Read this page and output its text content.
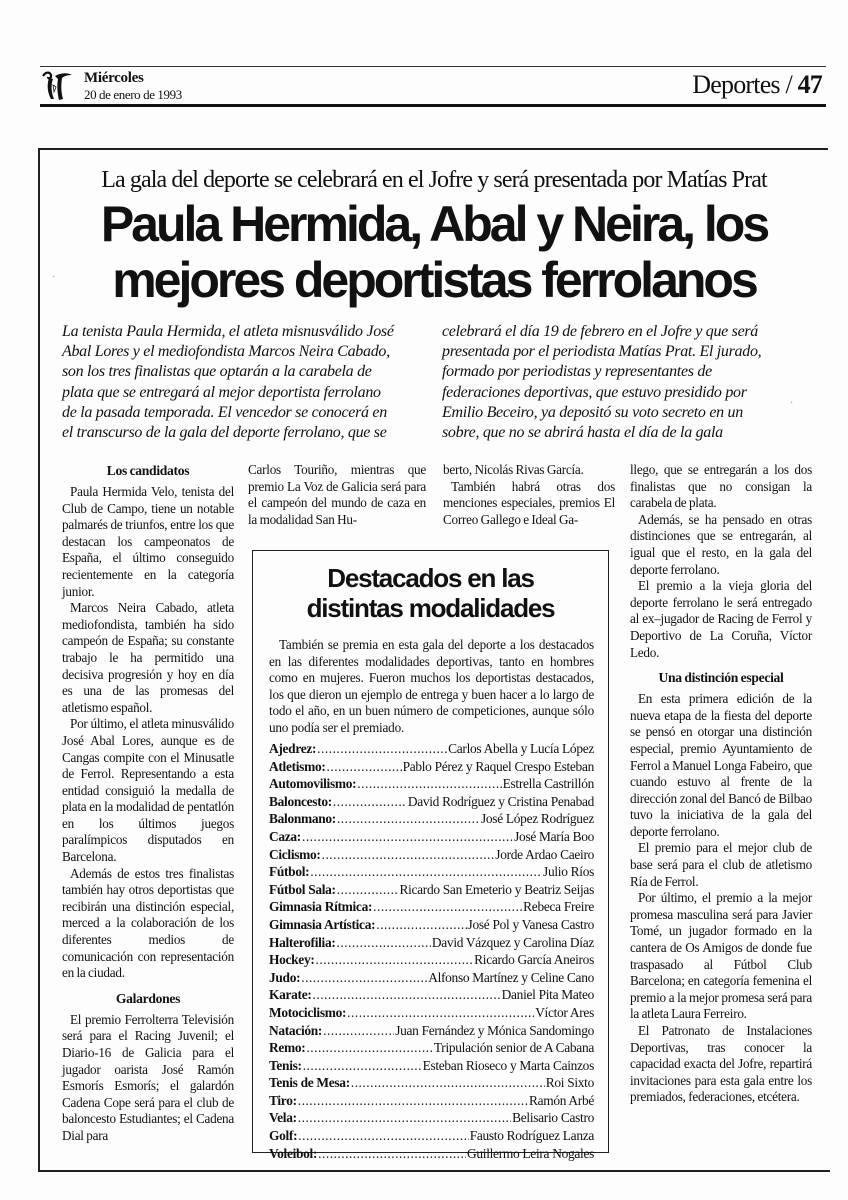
Miércoles
20 de enero de 1993	Deportes / 47
La gala del deporte se celebrará en el Jofre y será presentada por Matías Prat
Paula Hermida, Abal y Neira, los
mejores deportistas ferrolanos
La tenista Paula Hermida, el atleta misnusválido José
Abal Lores y el mediofondista Marcos Neira Cabado,
son los tres finalistas que optarán a la carabela de
plata que se entregará al mejor deportista ferrolano
de la pasada temporada. El vencedor se conocerá en
el transcurso de la gala del deporte ferrolano, que se
celebrará el día 19 de febrero en el Jofre y que será
presentada por el periodista Matías Prat. El jurado,
formado por periodistas y representantes de
federaciones deportivas, que estuvo presidido por
Emilio Beceiro, ya depositó su voto secreto en un
sobre, que no se abrirá hasta el día de la gala
Los candidatos

Paula Hermida Velo, tenista del Club de Campo, tiene un notable palmarés de triunfos, entre los que destacan los campeonatos de España, el último conseguido recientemente en la categoría junior.

Marcos Neira Cabado, atleta mediofondista, también ha sido campeón de España; su constante trabajo le ha permitido una decisiva progresión y hoy en día es una de las promesas del atletismo español.

Por último, el atleta minusválido José Abal Lores, aunque es de Cangas compite con el Minusatle de Ferrol. Representando a esta entidad consiguió la medalla de plata en la modalidad de pentatlón en los últimos juegos paralímpicos disputados en Barcelona.

Además de estos tres finalistas también hay otros deportistas que recibirán una distinción especial, merced a la colaboración de los diferentes medios de comunicación con representación en la ciudad.

Galardones

El premio Ferrolterra Televisión será para el Racing Juvenil; el Diario-16 de Galicia para el jugador oarista José Ramón Esmorís Esmorís; el galardón Cadena Cope será para el club de baloncesto Estudiantes; el Cadena Dial para

Carlos Touriño, mientras que premio La Voz de Galicia será para el campeón del mundo de caza en la modalidad San Hu-

berto, Nicolás Rivas García.

También habrá otras dos menciones especiales, premios El Correo Gallego e Ideal Ga-

llego, que se entregarán a los dos finalistas que no consigan la carabela de plata.

Además, se ha pensado en otras distinciones que se entregarán, al igual que el resto, en la gala del deporte ferrolano.

El premio a la vieja gloria del deporte ferrolano le será entregado al ex–jugador de Racing de Ferrol y Deportivo de La Coruña, Víctor Ledo.

Una distinción especial

En esta primera edición de la nueva etapa de la fiesta del deporte se pensó en otorgar una distinción especial, premio Ayuntamiento de Ferrol a Manuel Longa Fabeiro, que cuando estuvo al frente de la dirección zonal del Bancó de Bilbao tuvo la iniciativa de la gala del deporte ferrolano.

El premio para el mejor club de base será para el club de atletismo Ría de Ferrol.

Por último, el premio a la mejor promesa masculina será para Javier Tomé, un jugador formado en la cantera de Os Amigos de donde fue traspasado al Fútbol Club Barcelona; en categoría femenina el premio a la mejor promesa será para la atleta Laura Ferreiro.

El Patronato de Instalaciones Deportivas, tras conocer la capacidad exacta del Jofre, repartirá invitaciones para esta gala entre los premiados, federaciones, etcétera.

Destacados en las
distintas modalidades

También se premia en esta gala del deporte a los destacados en las diferentes modalidades deportivas, tanto en hombres como en mujeres. Fueron muchos los deportistas destacados, los que dieron un ejemplo de entrega y buen hacer a lo largo de todo el año, en un buen número de competiciones, aunque sólo uno podía ser el premiado.

Ajedrez: .....	Carlos Abella y Lucía López
Atletismo: .....	Pablo Pérez y Raquel Crespo Esteban
Automovilismo: .....	Estrella Castrillón
Baloncesto: .....	David Rodríguez y Cristina Penabad
Balonmano: .....	José López Rodríguez
Caza: .....	José María Boo
Ciclismo: .....	Jorde Ardao Caeiro
Fútbol: .....	Julio Ríos
Fútbol Sala: .....	Ricardo San Emeterio y Beatriz Seijas
Gimnasia Rítmica: .....	Rebeca Freire
Gimnasia Artística: .....	José Pol y Vanesa Castro
Halterofilia: .....	David Vázquez y Carolina Díaz
Hockey: .....	Ricardo García Aneiros
Judo: .....	Alfonso Martínez y Celine Cano
Karate: .....	Daniel Pita Mateo
Motociclismo: .....	Víctor Ares
Natación: .....	Juan Fernández y Mónica Sandomingo
Remo: .....	Tripulación senior de A Cabana
Tenis: .....	Esteban Rioseco y Marta Cainzos
Tenis de Mesa: .....	Roi Sixto
Tiro: .....	Ramón Arbé
Vela: .....	Belisario Castro
Golf: .....	Fausto Rodríguez Lanza
Voleibol: .....	Guillermo Leira Nogales
·
·
